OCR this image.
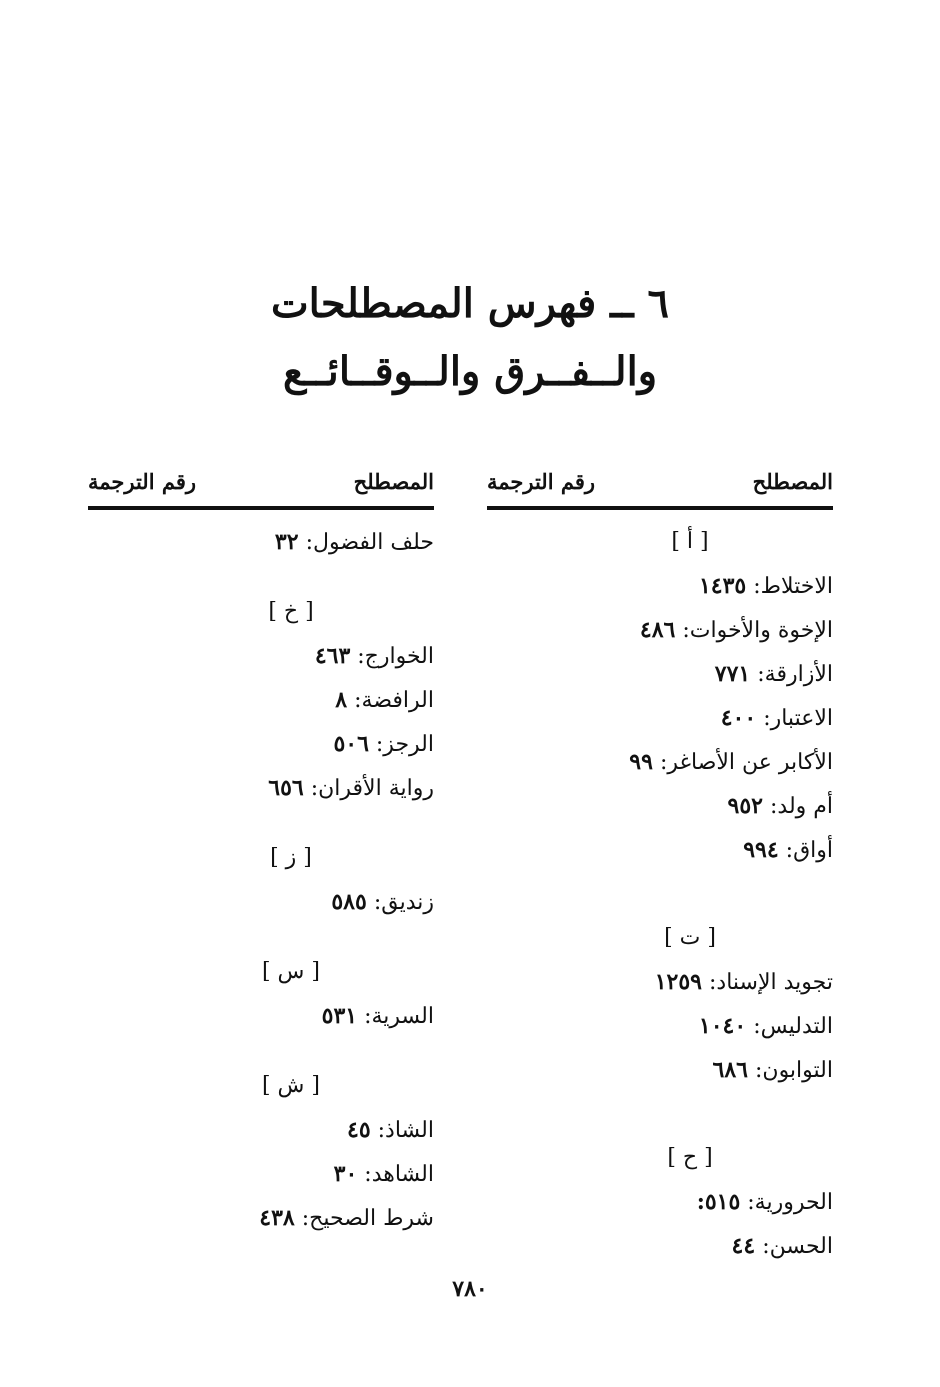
٦ ــ فهرس المصطلحات
والــفــرق والــوقــائــع
المصطلح
رقم الترجمة
[ أ ]
الاختلاط: ١٤٣٥
الإخوة والأخوات: ٤٨٦
الأزارقة: ٧٧١
الاعتبار: ٤٠٠
الأكابر عن الأصاغر: ٩٩
أم ولد: ٩٥٢
أواق: ٩٩٤
[ ت ]
تجويد الإسناد: ١٢٥٩
التدليس: ١٠٤٠
التوابون: ٦٨٦
[ ح ]
الحرورية: ٥١٥:
الحسن: ٤٤
المصطلح
رقم الترجمة
حلف الفضول: ٣٢
[ خ ]
الخوارج: ٤٦٣
الرافضة: ٨
الرجز: ٥٠٦
رواية الأقران: ٦٥٦
[ ز ]
زنديق: ٥٨٥
[ س ]
السرية: ٥٣١
[ ش ]
الشاذ: ٤٥
الشاهد: ٣٠
شرط الصحيح: ٤٣٨
٧٨٠
